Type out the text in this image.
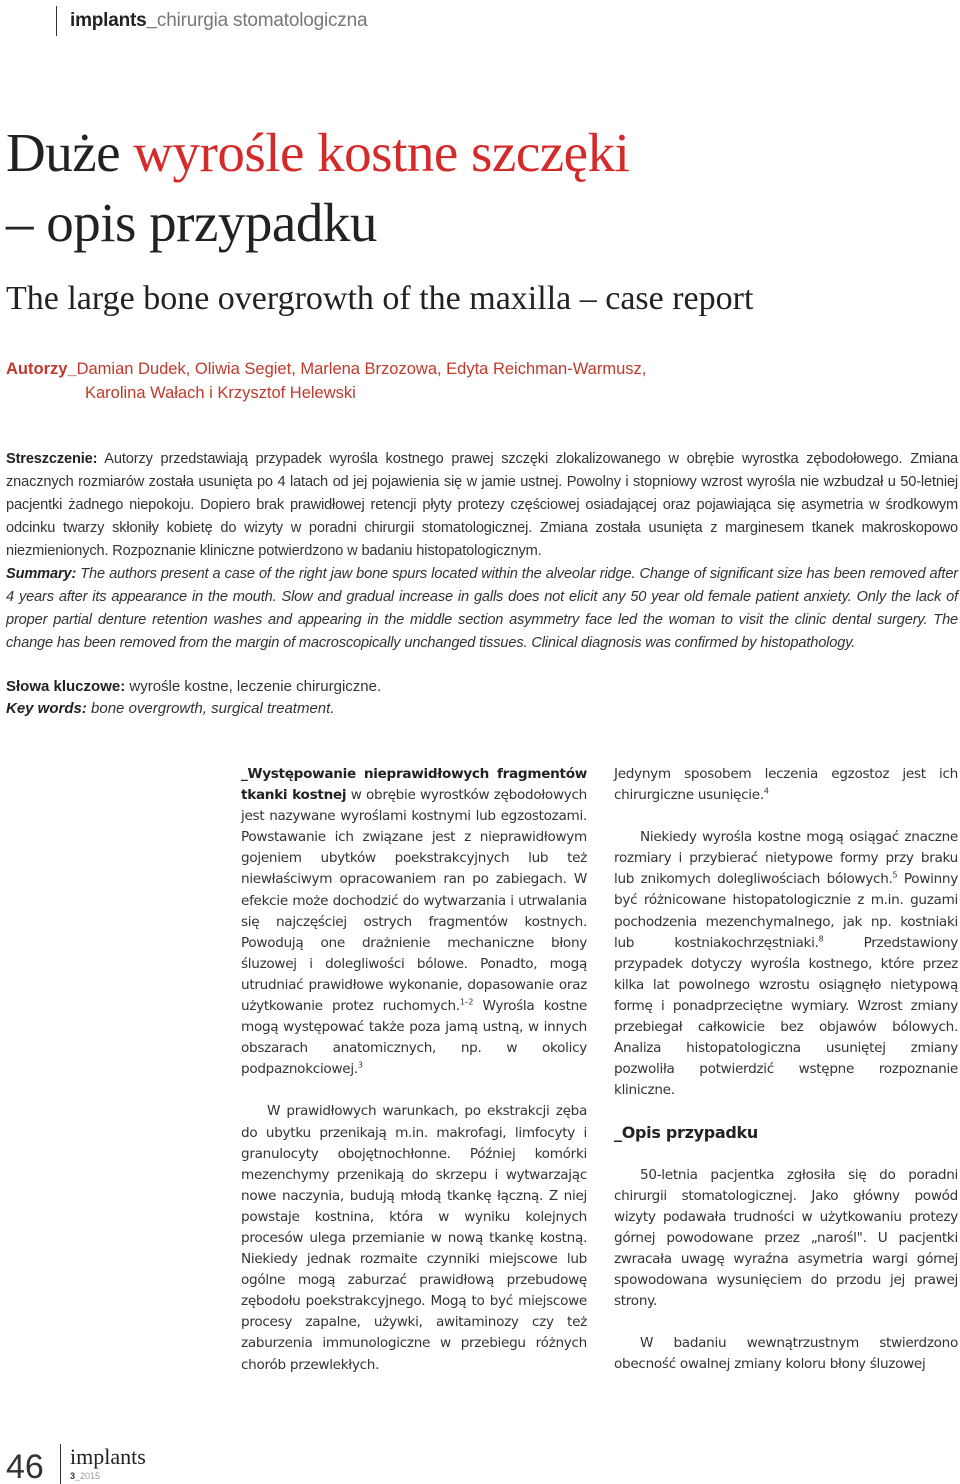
implants_chirurgia stomatologiczna
Duże wyrośle kostne szczęki
– opis przypadku
The large bone overgrowth of the maxilla – case report
Autorzy_Damian Dudek, Oliwia Segiet, Marlena Brzozowa, Edyta Reichman-Warmusz,
Karolina Wałach i Krzysztof Helewski
Streszczenie: Autorzy przedstawiają przypadek wyrośla kostnego prawej szczęki zlokalizowanego w obrębie wyrostka zębodołowego. Zmiana znacznych rozmiarów została usunięta po 4 latach od jej pojawienia się w jamie ustnej. Powolny i stopniowy wzrost wyrośla nie wzbudzał u 50-letniej pacjentki żadnego niepokoju. Dopiero brak prawidłowej retencji płyty protezy częściowej osiadającej oraz pojawiająca się asymetria w środkowym odcinku twarzy skłoniły kobietę do wizyty w poradni chirurgii stomatologicznej. Zmiana została usunięta z marginesem tkanek makroskopowo niezmienionych. Rozpoznanie kliniczne potwierdzono w badaniu histopatologicznym.
Summary: The authors present a case of the right jaw bone spurs located within the alveolar ridge. Change of significant size has been removed after 4 years after its appearance in the mouth. Slow and gradual increase in galls does not elicit any 50 year old female patient anxiety. Only the lack of proper partial denture retention washes and appearing in the middle section asymmetry face led the woman to visit the clinic dental surgery. The change has been removed from the margin of macroscopically unchanged tissues. Clinical diagnosis was confirmed by histopathology.
Słowa kluczowe: wyrośle kostne, leczenie chirurgiczne.
Key words: bone overgrowth, surgical treatment.

_Występowanie nieprawidłowych fragmentów tkanki kostnej w obrębie wyrostków zębodołowych jest nazywane wyroślami kostnymi lub egzostozami. Powstawanie ich związane jest z nieprawidłowym gojeniem ubytków poekstrakcyjnych lub też niewłaściwym opracowaniem ran po zabiegach. W efekcie może dochodzić do wytwarzania i utrwalania się najczęściej ostrych fragmentów kostnych. Powodują one drażnienie mechaniczne błony śluzowej i dolegliwości bólowe. Ponadto, mogą utrudniać prawidłowe wykonanie, dopasowanie oraz użytkowanie protez ruchomych.$^{1-2}$ Wyrośla kostne mogą występować także poza jamą ustną, w innych obszarach anatomicznych, np. w okolicy podpaznokciowej.$^3$

W prawidłowych warunkach, po ekstrakcji zęba do ubytku przenikają m.in. makrofagi, limfocyty i granulocyty obojętnochłonne. Później komórki mezenchymy przenikają do skrzepu i wytwarzając nowe naczynia, budują młodą tkankę łączną. Z niej powstaje kostnina, która w wyniku kolejnych procesów ulega przemianie w nową tkankę kostną. Niekiedy jednak rozmaite czynniki miejscowe lub ogólne mogą zaburzać prawidłową przebudowę zębodołu poekstrakcyjnego. Mogą to być miejscowe procesy zapalne, używki, awitaminozy czy też zaburzenia immunologiczne w przebiegu różnych chorób przewlekłych.

Jedynym sposobem leczenia egzostoz jest ich chirurgiczne usunięcie.$^4$

Niekiedy wyrośla kostne mogą osiągać znaczne rozmiary i przybierać nietypowe formy przy braku lub znikomych dolegliwościach bólowych.$^5$ Powinny być różnicowane histopatologicznie z m.in. guzami pochodzenia mezenchymalnego, jak np. kostniaki lub kostniakochrzęstniaki.$^8$ Przedstawiony przypadek dotyczy wyrośla kostnego, które przez kilka lat powolnego wzrostu osiągnęło nietypową formę i ponadprzeciętne wymiary. Wzrost zmiany przebiegał całkowicie bez objawów bólowych. Analiza histopatologiczna usuniętej zmiany pozwoliła potwierdzić wstępne rozpoznanie kliniczne.

_Opis przypadku

50-letnia pacjentka zgłosiła się do poradni chirurgii stomatologicznej. Jako główny powód wizyty podawała trudności w użytkowaniu protezy górnej powodowane przez „narośl". U pacjentki zwracała uwagę wyraźna asymetria wargi górnej spowodowana wysunięciem do przodu jej prawej strony.

W badaniu wewnątrzustnym stwierdzono obecność owalnej zmiany koloru błony śluzowej

46 implants
3_2015
